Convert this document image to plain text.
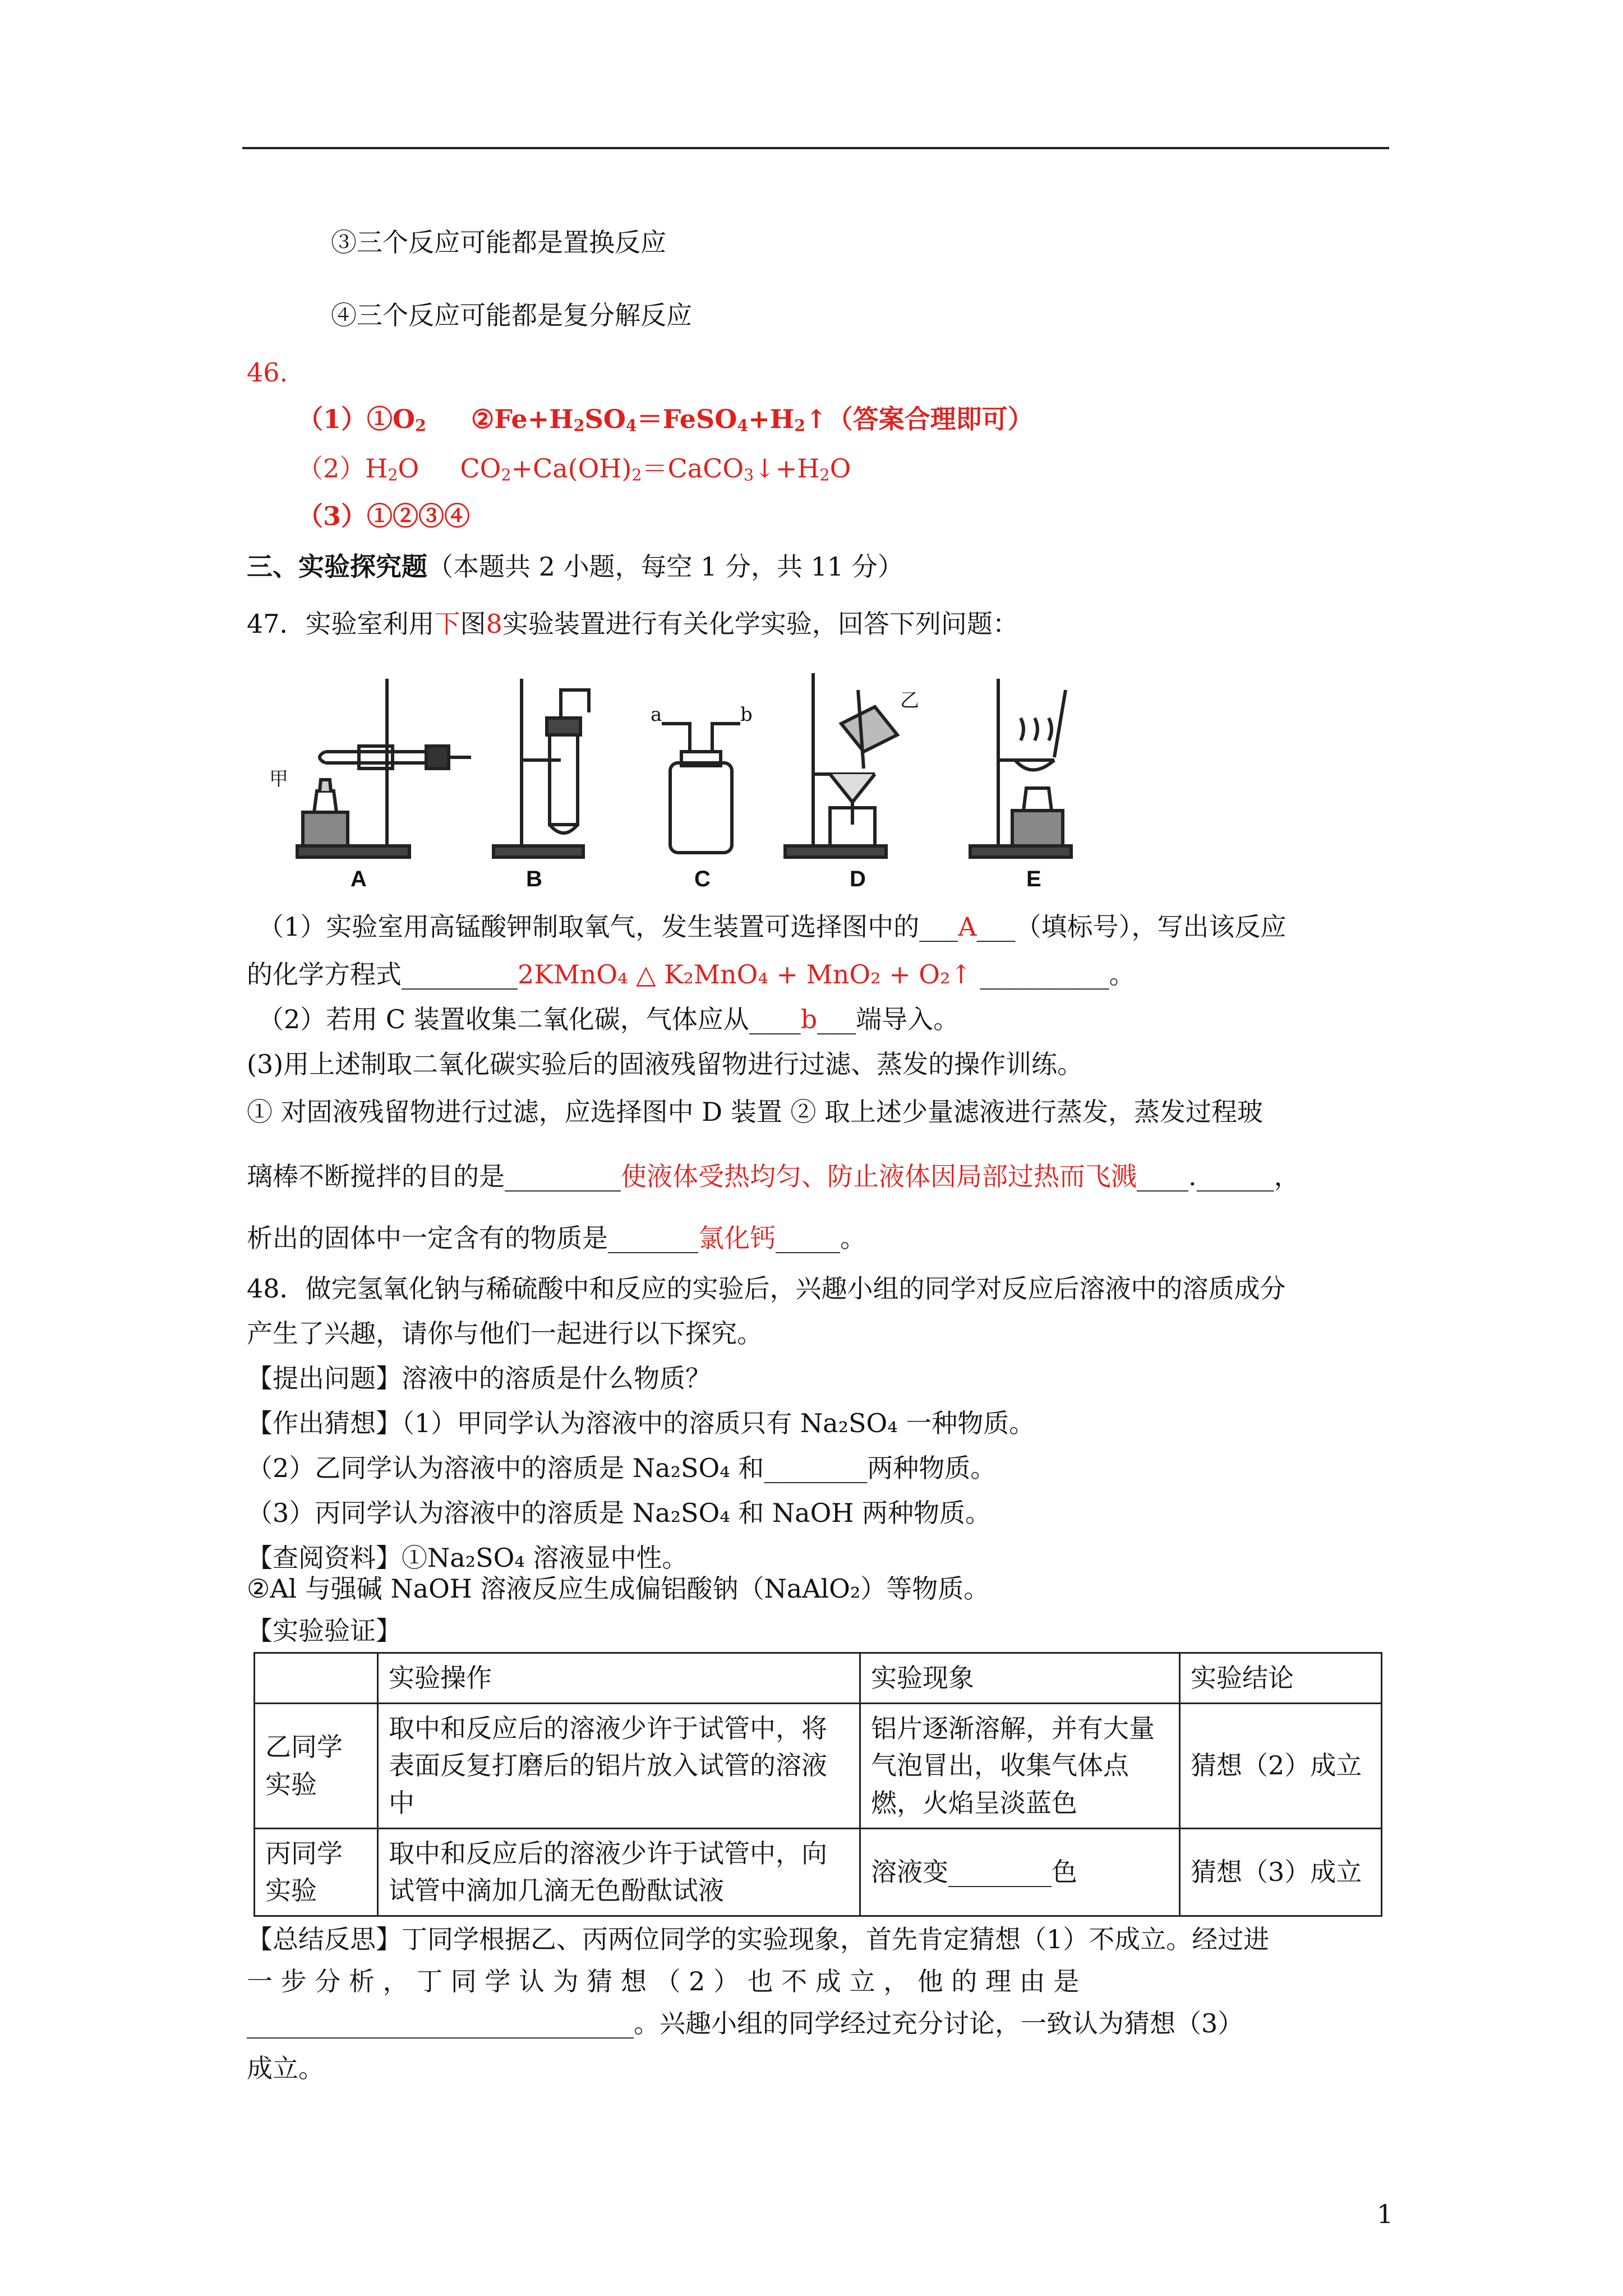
③三个反应可能都是置换反应
④三个反应可能都是复分解反应
46.
$(1)①O_2$ $②Fe+H_2SO_4=FeSO_4+H_2↑$（答案合理即可）
$(2)H_2O$ $CO_2+Ca(OH)_2=CaCO_3↓+H_2O$
（3）①②③④
三、实验探究题（本题共 2 小题，每空 1 分，共 11 分）
47．实验室利用下图8实验装置进行有关化学实验，回答下列问题：
A	B	C	D	E
甲
乙
a	b
（1）实验室用高锰酸钾制取氧气，发生装置可选择图中的___A___（填标号），写出该反应
的化学方程式_________2KMnO₄ △ K₂MnO₄ + MnO₂ + O₂↑ __________。
（2）若用 C 装置收集二氧化碳，气体应从____b___端导入。
(3)用上述制取二氧化碳实验后的固液残留物进行过滤、蒸发的操作训练。
① 对固液残留物进行过滤，应选择图中 D 装置 ② 取上述少量滤液进行蒸发，蒸发过程玻
璃棒不断搅拌的目的是_________使液体受热均匀、防止液体因局部过热而飞溅____.______，
析出的固体中一定含有的物质是_______氯化钙_____。
48．做完氢氧化钠与稀硫酸中和反应的实验后，兴趣小组的同学对反应后溶液中的溶质成分
产生了兴趣，请你与他们一起进行以下探究。
【提出问题】溶液中的溶质是什么物质？
【作出猜想】（1）甲同学认为溶液中的溶质只有 Na₂SO₄ 一种物质。
（2）乙同学认为溶液中的溶质是 Na₂SO₄ 和________两种物质。
（3）丙同学认为溶液中的溶质是 Na₂SO₄ 和 NaOH 两种物质。
【查阅资料】①Na₂SO₄ 溶液显中性。
②Al 与强碱 NaOH 溶液反应生成偏铝酸钠（NaAlO₂）等物质。
【实验验证】
	实验操作	实验现象	实验结论
乙同学实验	取中和反应后的溶液少许于试管中，将表面反复打磨后的铝片放入试管的溶液中	铝片逐渐溶解，并有大量气泡冒出，收集气体点燃，火焰呈淡蓝色	猜想（2）成立
丙同学实验	取中和反应后的溶液少许于试管中，向试管中滴加几滴无色酚酞试液	溶液变________色	猜想（3）成立
【总结反思】丁同学根据乙、丙两位同学的实验现象，首先肯定猜想（1）不成立。经过进
一 步 分 析 ， 丁 同 学 认 为 猜 想 （ 2 ） 也 不 成 立 ， 他 的 理 由 是
______________________________。兴趣小组的同学经过充分讨论，一致认为猜想（3）
成立。
1
